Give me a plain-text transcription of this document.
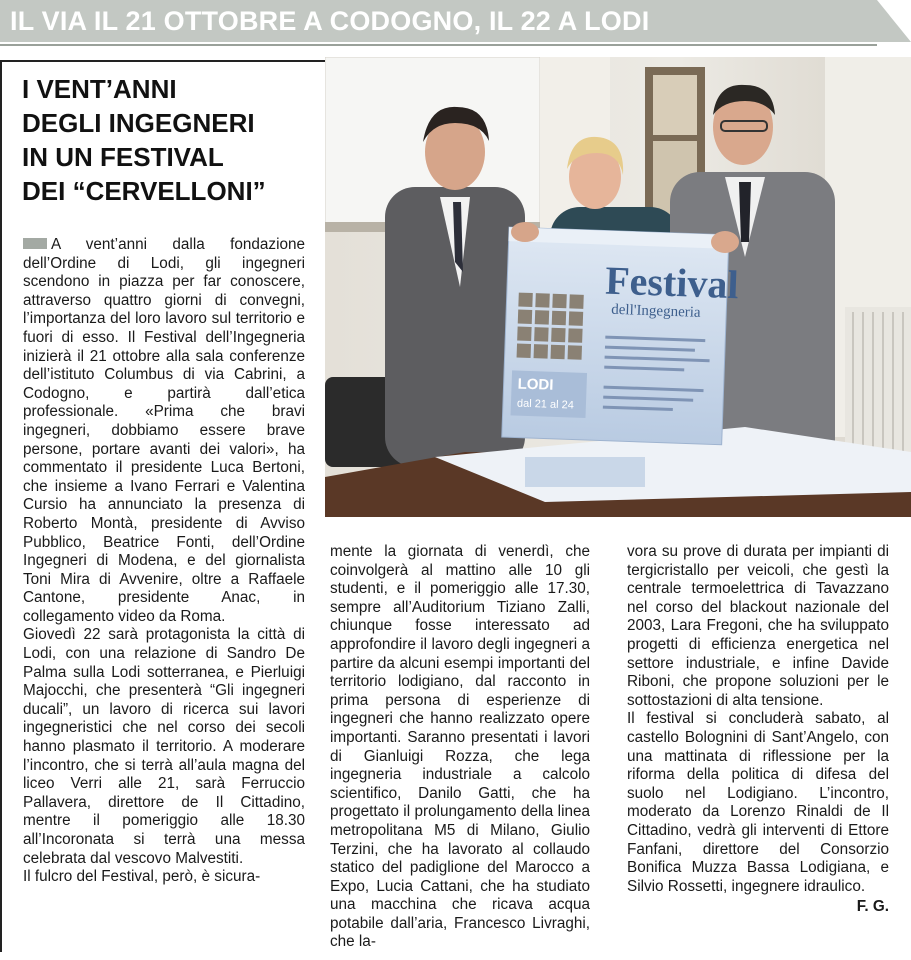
IL VIA IL 21 OTTOBRE A CODOGNO, IL 22 A LODI
I VENT’ANNI
DEGLI INGEGNERI
IN UN FESTIVAL
DEI “CERVELLONI”
Festival
dell'Ingegneria
LODI
dal 21 al 24

A vent’anni dalla fondazione dell’Ordine di Lodi, gli ingegneri scendono in piazza per far conoscere, attraverso quattro giorni di convegni, l’importanza del loro lavoro sul territorio e fuori di esso. Il Festival dell’Ingegneria inizierà il 21 ottobre alla sala conferenze dell’istituto Columbus di via Cabrini, a Codogno, e partirà dall’etica professionale. «Prima che bravi ingegneri, dobbiamo essere brave persone, portare avanti dei valori», ha commentato il presidente Luca Bertoni, che insieme a Ivano Ferrari e Valentina Cursio ha annunciato la presenza di Roberto Montà, presidente di Avviso Pubblico, Beatrice Fonti, dell’Ordine Ingegneri di Modena, e del giornalista Toni Mira di Avvenire, oltre a Raffaele Cantone, presidente Anac, in collegamento video da Roma.

Giovedì 22 sarà protagonista la città di Lodi, con una relazione di Sandro De Palma sulla Lodi sotterranea, e Pierluigi Majocchi, che presenterà “Gli ingegneri ducali”, un lavoro di ricerca sui lavori ingegneristici che nel corso dei secoli hanno plasmato il territorio. A moderare l’incontro, che si terrà all’aula magna del liceo Verri alle 21, sarà Ferruccio Pallavera, direttore de Il Cittadino, mentre il pomeriggio alle 18.30 all’Incoronata si terrà una messa celebrata dal vescovo Malvestiti.

Il fulcro del Festival, però, è sicura-

mente la giornata di venerdì, che coinvolgerà al mattino alle 10 gli studenti, e il pomeriggio alle 17.30, sempre all’Auditorium Tiziano Zalli, chiunque fosse interessato ad approfondire il lavoro degli ingegneri a partire da alcuni esempi importanti del territorio lodigiano, dal racconto in prima persona di esperienze di ingegneri che hanno realizzato opere importanti. Saranno presentati i lavori di Gianluigi Rozza, che lega ingegneria industriale a calcolo scientifico, Danilo Gatti, che ha progettato il prolungamento della linea metropolitana M5 di Milano, Giulio Terzini, che ha lavorato al collaudo statico del padiglione del Marocco a Expo, Lucia Cattani, che ha studiato una macchina che ricava acqua potabile dall’aria, Francesco Livraghi, che la-

vora su prove di durata per impianti di tergicristallo per veicoli, che gestì la centrale termoelettrica di Tavazzano nel corso del blackout nazionale del 2003, Lara Fregoni, che ha sviluppato progetti di efficienza energetica nel settore industriale, e infine Davide Riboni, che propone soluzioni per le sottostazioni di alta tensione.

Il festival si concluderà sabato, al castello Bolognini di Sant’Angelo, con una mattinata di riflessione per la riforma della politica di difesa del suolo nel Lodigiano. L’incontro, moderato da Lorenzo Rinaldi de Il Cittadino, vedrà gli interventi di Ettore Fanfani, direttore del Consorzio Bonifica Muzza Bassa Lodigiana, e Silvio Rossetti, ingegnere idraulico.

F. G.
